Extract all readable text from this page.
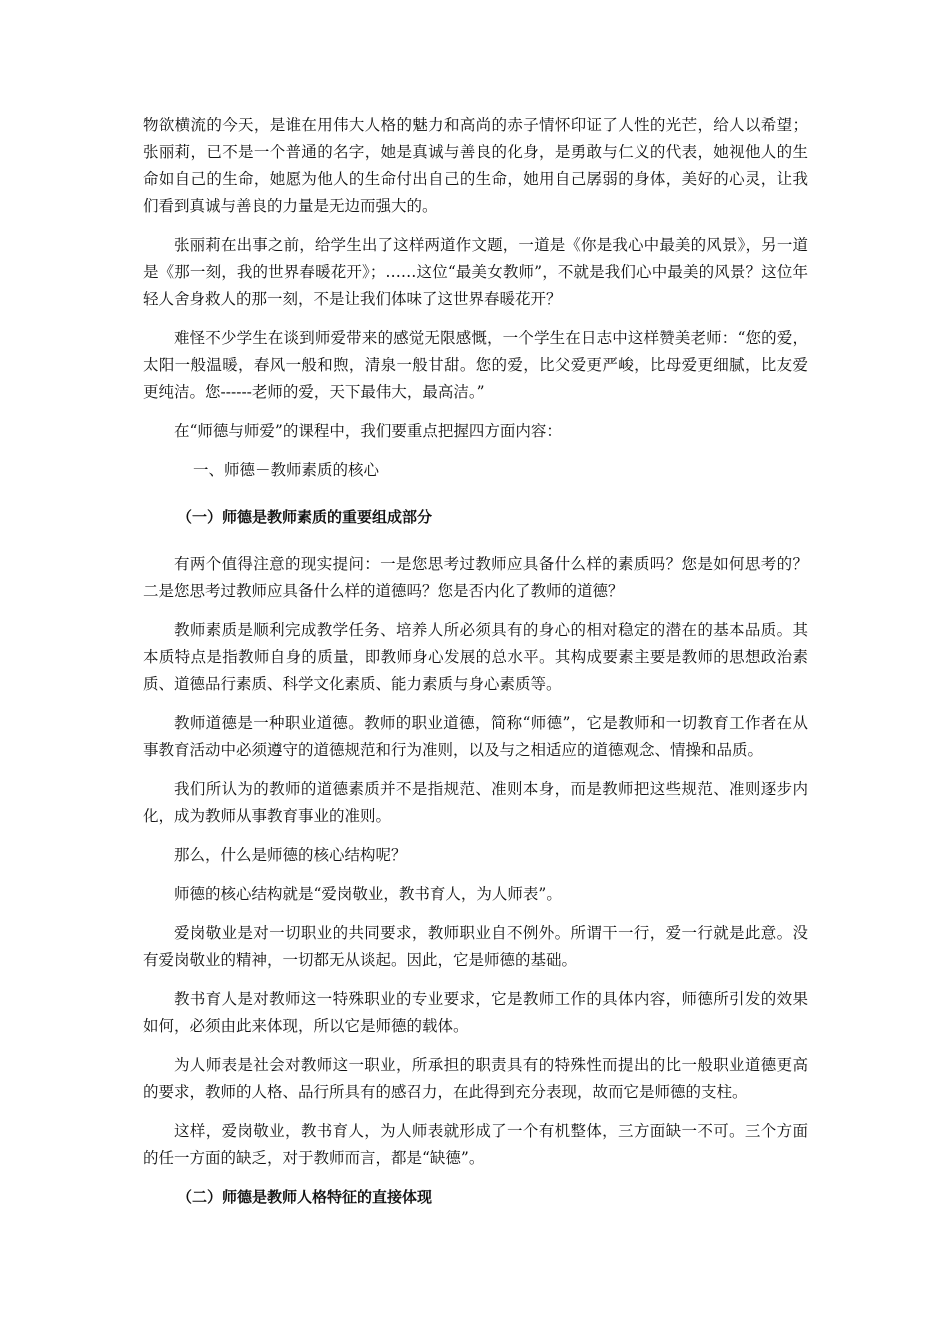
物欲横流的今天，是谁在用伟大人格的魅力和高尚的赤子情怀印证了人性的光芒，给人以希望；张丽莉，已不是一个普通的名字，她是真诚与善良的化身，是勇敢与仁义的代表，她视他人的生命如自己的生命，她愿为他人的生命付出自己的生命，她用自己孱弱的身体，美好的心灵，让我们看到真诚与善良的力量是无边而强大的。

张丽莉在出事之前，给学生出了这样两道作文题，一道是《你是我心中最美的风景》，另一道是《那一刻，我的世界春暖花开》；……这位“最美女教师”，不就是我们心中最美的风景？这位年轻人舍身救人的那一刻，不是让我们体味了这世界春暖花开？

难怪不少学生在谈到师爱带来的感觉无限感慨，一个学生在日志中这样赞美老师：“您的爱，太阳一般温暖，春风一般和煦，清泉一般甘甜。您的爱，比父爱更严峻，比母爱更细腻，比友爱更纯洁。您------老师的爱，天下最伟大，最高洁。”

在“师德与师爱”的课程中，我们要重点把握四方面内容：

一、师德－教师素质的核心

（一）师德是教师素质的重要组成部分

有两个值得注意的现实提问：一是您思考过教师应具备什么样的素质吗？您是如何思考的？二是您思考过教师应具备什么样的道德吗？您是否内化了教师的道德？

教师素质是顺利完成教学任务、培养人所必须具有的身心的相对稳定的潜在的基本品质。其本质特点是指教师自身的质量，即教师身心发展的总水平。其构成要素主要是教师的思想政治素质、道德品行素质、科学文化素质、能力素质与身心素质等。

教师道德是一种职业道德。教师的职业道德，简称“师德”，它是教师和一切教育工作者在从事教育活动中必须遵守的道德规范和行为准则，以及与之相适应的道德观念、情操和品质。

我们所认为的教师的道德素质并不是指规范、准则本身，而是教师把这些规范、准则逐步内化，成为教师从事教育事业的准则。

那么，什么是师德的核心结构呢？

师德的核心结构就是“爱岗敬业，教书育人，为人师表”。

爱岗敬业是对一切职业的共同要求，教师职业自不例外。所谓干一行，爱一行就是此意。没有爱岗敬业的精神，一切都无从谈起。因此，它是师德的基础。

教书育人是对教师这一特殊职业的专业要求，它是教师工作的具体内容，师德所引发的效果如何，必须由此来体现，所以它是师德的载体。

为人师表是社会对教师这一职业，所承担的职责具有的特殊性而提出的比一般职业道德更高的要求，教师的人格、品行所具有的感召力，在此得到充分表现，故而它是师德的支柱。

这样，爱岗敬业，教书育人，为人师表就形成了一个有机整体，三方面缺一不可。三个方面的任一方面的缺乏，对于教师而言，都是“缺德”。

（二）师德是教师人格特征的直接体现
